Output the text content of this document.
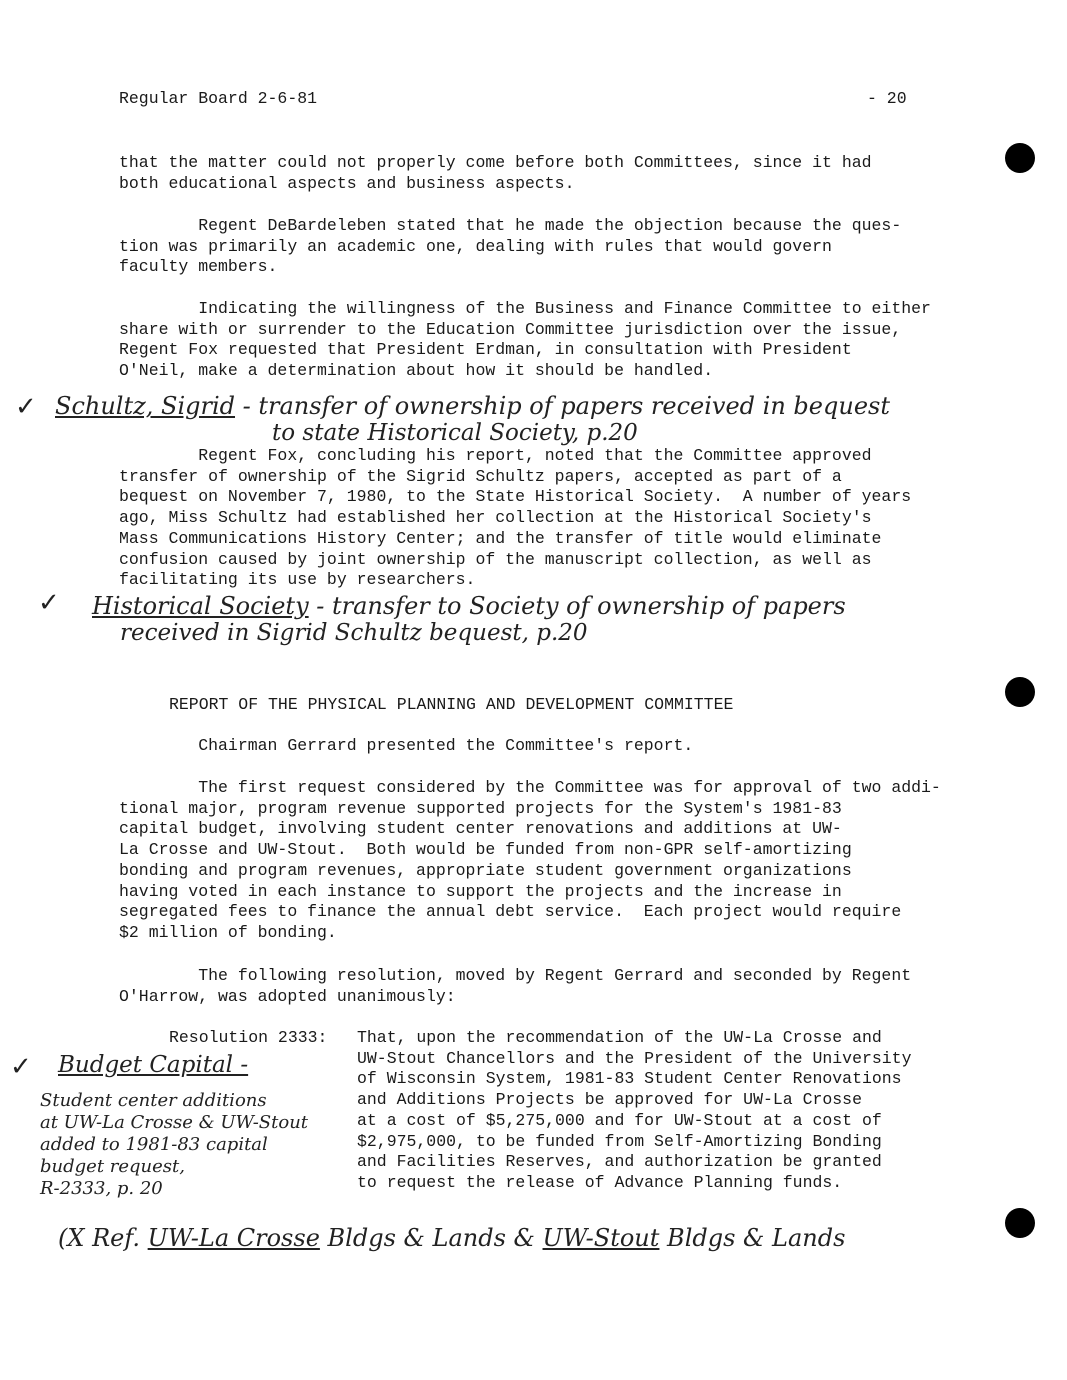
Regular Board 2-6-81	- 20
that the matter could not properly come before both Committees, since it had
both educational aspects and business aspects.
Regent DeBardeleben stated that he made the objection because the ques-
tion was primarily an academic one, dealing with rules that would govern
faculty members.
Indicating the willingness of the Business and Finance Committee to either
share with or surrender to the Education Committee jurisdiction over the issue,
Regent Fox requested that President Erdman, in consultation with President
O'Neil, make a determination about how it should be handled.
✓ Schultz, Sigrid - transfer of ownership of papers received in bequest
to state Historical Society, p.20
Regent Fox, concluding his report, noted that the Committee approved
transfer of ownership of the Sigrid Schultz papers, accepted as part of a
bequest on November 7, 1980, to the State Historical Society.  A number of years
ago, Miss Schultz had established her collection at the Historical Society's
Mass Communications History Center; and the transfer of title would eliminate
confusion caused by joint ownership of the manuscript collection, as well as
facilitating its use by researchers.
✓ Historical Society - transfer to Society of ownership of papers
received in Sigrid Schultz bequest, p.20
REPORT OF THE PHYSICAL PLANNING AND DEVELOPMENT COMMITTEE
Chairman Gerrard presented the Committee's report.
The first request considered by the Committee was for approval of two addi-
tional major, program revenue supported projects for the System's 1981-83
capital budget, involving student center renovations and additions at UW-
La Crosse and UW-Stout.  Both would be funded from non-GPR self-amortizing
bonding and program revenues, appropriate student government organizations
having voted in each instance to support the projects and the increase in
segregated fees to finance the annual debt service.  Each project would require
$2 million of bonding.
The following resolution, moved by Regent Gerrard and seconded by Regent
O'Harrow, was adopted unanimously:
Resolution 2333: That, upon the recommendation of the UW-La Crosse and
UW-Stout Chancellors and the President of the University
of Wisconsin System, 1981-83 Student Center Renovations
and Additions Projects be approved for UW-La Crosse
at a cost of $5,275,000 and for UW-Stout at a cost of
$2,975,000, to be funded from Self-Amortizing Bonding
and Facilities Reserves, and authorization be granted
to request the release of Advance Planning funds.
✓ Budget Capital -
Student center additions
at UW-La Crosse & UW-Stout
added to 1981-83 capital
budget request,
R-2333, p. 20
(X Ref. UW-La Crosse Bldgs & Lands & UW-Stout Bldgs & Lands
